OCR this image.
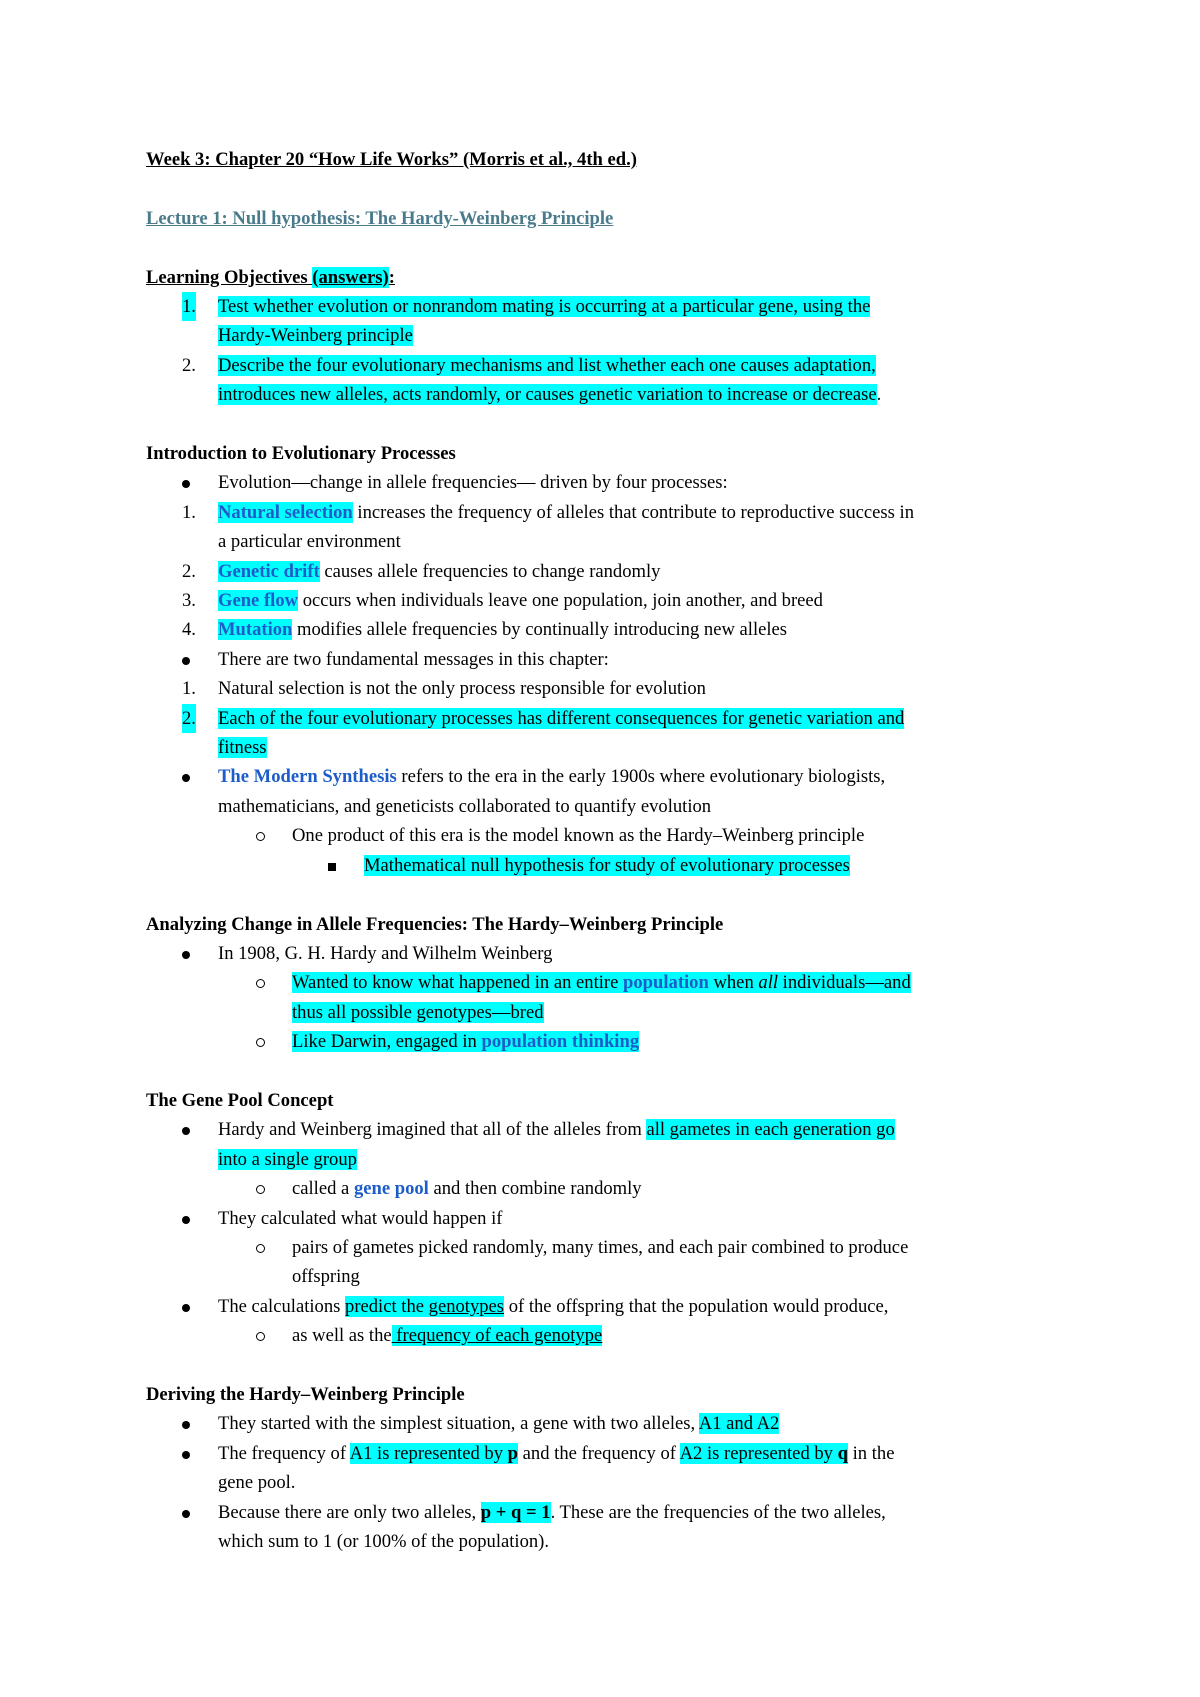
Week 3: Chapter 20 “How Life Works” (Morris et al., 4th ed.)
Lecture 1: Null hypothesis: The Hardy-Weinberg Principle
Learning Objectives (answers):
1. Test whether evolution or nonrandom mating is occurring at a particular gene, using the
Hardy-Weinberg principle
2. Describe the four evolutionary mechanisms and list whether each one causes adaptation,
introduces new alleles, acts randomly, or causes genetic variation to increase or decrease.
Introduction to Evolutionary Processes
Evolution—change in allele frequencies— driven by four processes:
1. Natural selection increases the frequency of alleles that contribute to reproductive success in
a particular environment
2. Genetic drift causes allele frequencies to change randomly
3. Gene flow occurs when individuals leave one population, join another, and breed
4. Mutation modifies allele frequencies by continually introducing new alleles
There are two fundamental messages in this chapter:
1. Natural selection is not the only process responsible for evolution
2. Each of the four evolutionary processes has different consequences for genetic variation and
fitness
The Modern Synthesis refers to the era in the early 1900s where evolutionary biologists,
mathematicians, and geneticists collaborated to quantify evolution
One product of this era is the model known as the Hardy–Weinberg principle
Mathematical null hypothesis for study of evolutionary processes
Analyzing Change in Allele Frequencies: The Hardy–Weinberg Principle
In 1908, G. H. Hardy and Wilhelm Weinberg
Wanted to know what happened in an entire population when all individuals—and
thus all possible genotypes—bred
Like Darwin, engaged in population thinking
The Gene Pool Concept
Hardy and Weinberg imagined that all of the alleles from all gametes in each generation go
into a single group
called a gene pool and then combine randomly
They calculated what would happen if
pairs of gametes picked randomly, many times, and each pair combined to produce
offspring
The calculations predict the genotypes of the offspring that the population would produce,
as well as the frequency of each genotype
Deriving the Hardy–Weinberg Principle
They started with the simplest situation, a gene with two alleles, A1 and A2
The frequency of A1 is represented by p and the frequency of A2 is represented by q in the
gene pool.
Because there are only two alleles, p + q = 1. These are the frequencies of the two alleles,
which sum to 1 (or 100% of the population).
